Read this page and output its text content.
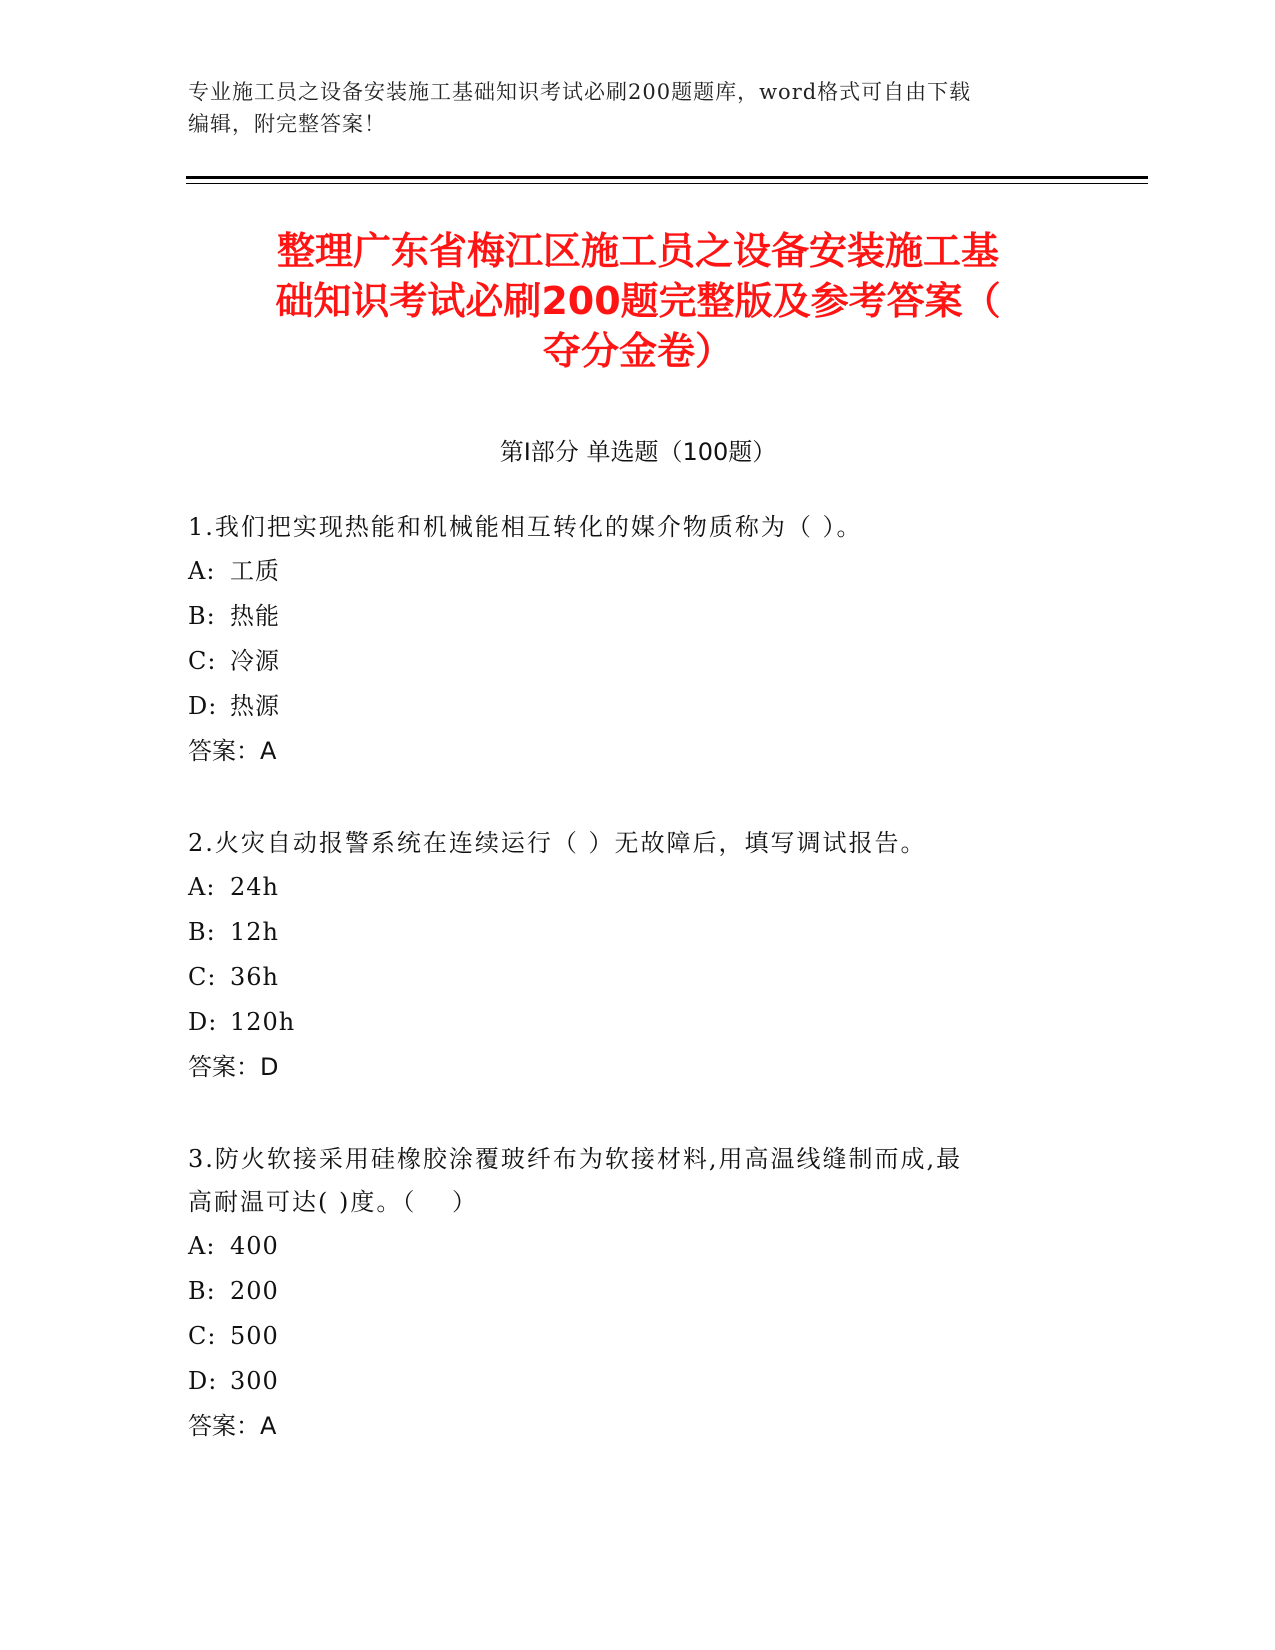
专业施工员之设备安装施工基础知识考试必刷200题题库，word格式可自由下载
编辑，附完整答案！
整理广东省梅江区施工员之设备安装施工基
础知识考试必刷200题完整版及参考答案（
夺分金卷）
第Ⅰ部分 单选题（100题）

1.我们把实现热能和机械能相互转化的媒介物质称为（ ）。

A: 工质

B: 热能

C: 冷源

D: 热源

答案：A

2.火灾自动报警系统在连续运行（ ）无故障后，填写调试报告。

A: 24h

B: 12h

C: 36h

D: 120h

答案：D

3.防火软接采用硅橡胶涂覆玻纤布为软接材料,用高温线缝制而成,最

高耐温可达( )度。（　 ）

A: 400

B: 200

C: 500

D: 300

答案：A
